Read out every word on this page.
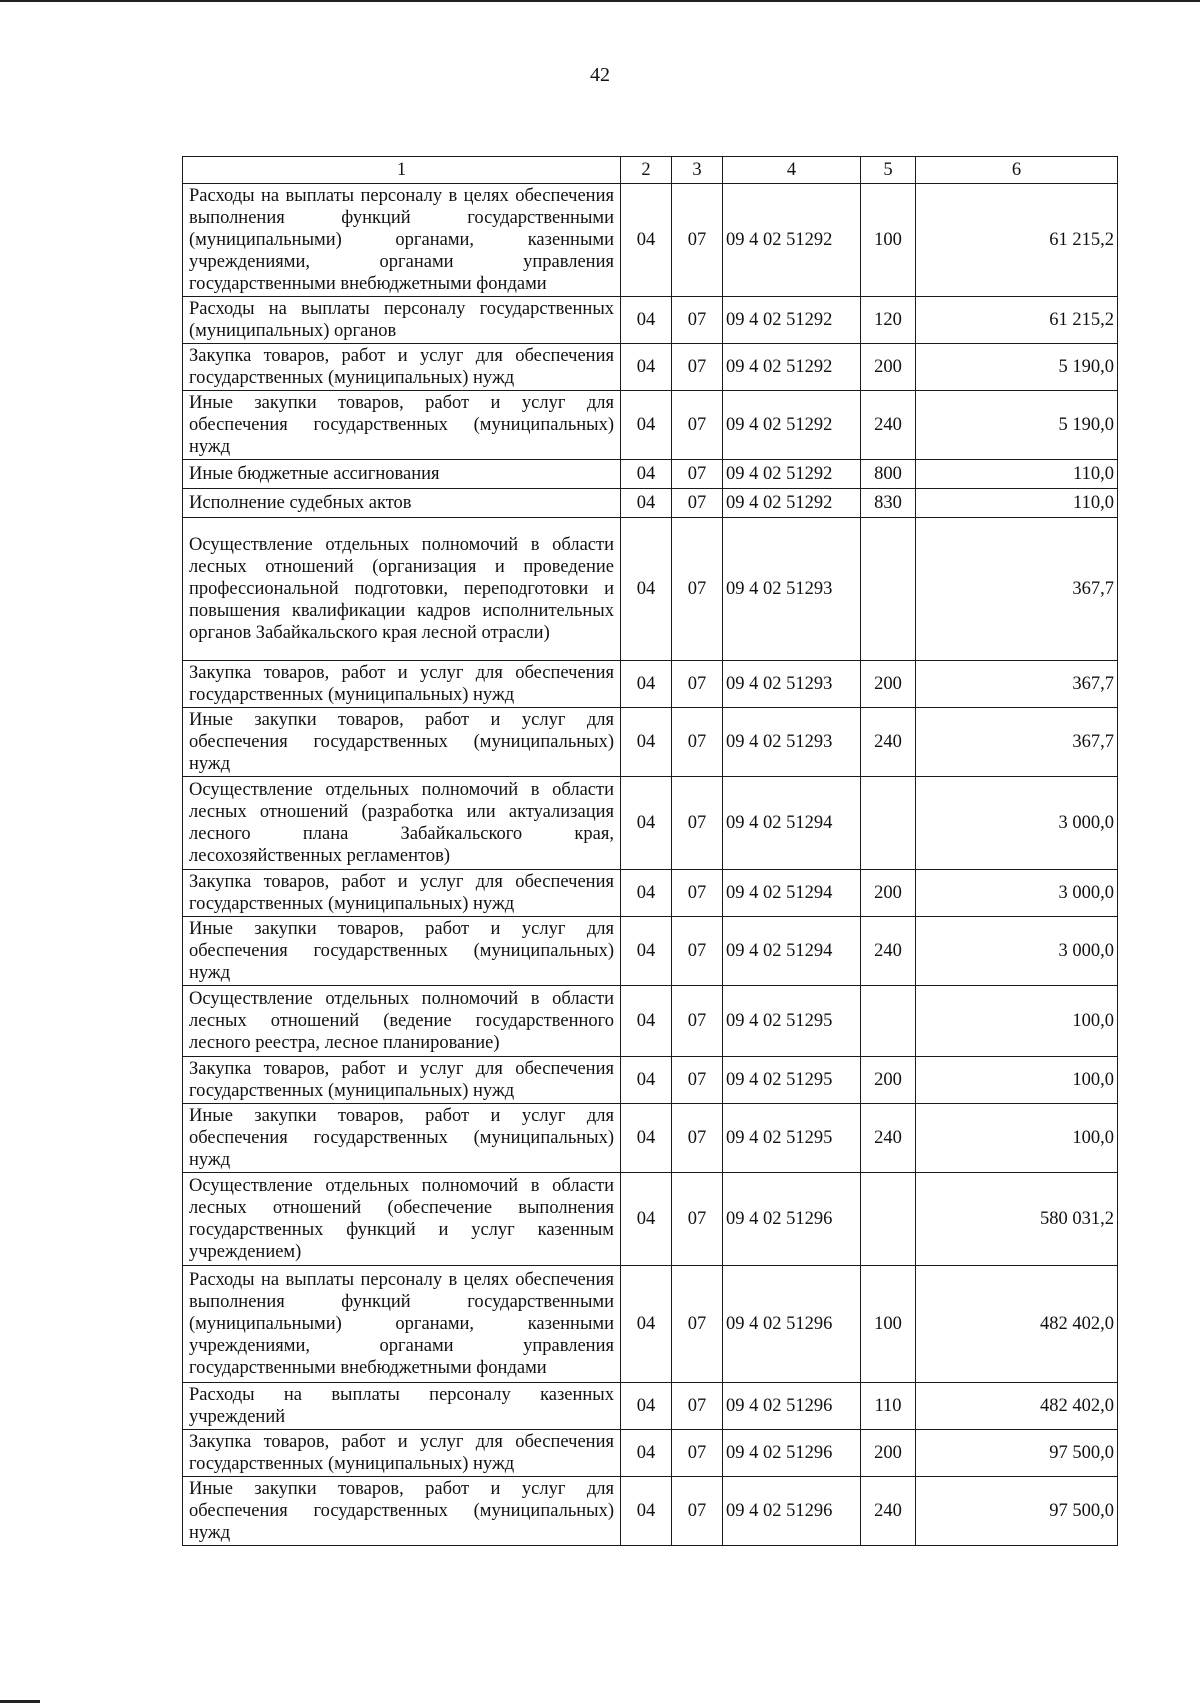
42
1	2	3	4	5	6
Расходы на выплаты персоналу в целях обеспечения выполнения функций государственными (муниципальными) органами, казенными учреждениями, органами управления государственными внебюджетными фондами	04	07	09 4 02 51292	100	61 215,2
Расходы на выплаты персоналу государственных (муниципальных) органов	04	07	09 4 02 51292	120	61 215,2
Закупка товаров, работ и услуг для обеспечения государственных (муниципальных) нужд	04	07	09 4 02 51292	200	5 190,0
Иные закупки товаров, работ и услуг для обеспечения государственных (муниципальных) нужд	04	07	09 4 02 51292	240	5 190,0
Иные бюджетные ассигнования	04	07	09 4 02 51292	800	110,0
Исполнение судебных актов	04	07	09 4 02 51292	830	110,0
Осуществление отдельных полномочий в области лесных отношений (организация и проведение профессиональной подготовки, переподготовки и повышения квалификации кадров исполнительных органов Забайкальского края лесной отрасли)	04	07	09 4 02 51293		367,7
Закупка товаров, работ и услуг для обеспечения государственных (муниципальных) нужд	04	07	09 4 02 51293	200	367,7
Иные закупки товаров, работ и услуг для обеспечения государственных (муниципальных) нужд	04	07	09 4 02 51293	240	367,7
Осуществление отдельных полномочий в области лесных отношений (разработка или актуализация лесного плана Забайкальского края, лесохозяйственных регламентов)	04	07	09 4 02 51294		3 000,0
Закупка товаров, работ и услуг для обеспечения государственных (муниципальных) нужд	04	07	09 4 02 51294	200	3 000,0
Иные закупки товаров, работ и услуг для обеспечения государственных (муниципальных) нужд	04	07	09 4 02 51294	240	3 000,0
Осуществление отдельных полномочий в области лесных отношений (ведение государственного лесного реестра, лесное планирование)	04	07	09 4 02 51295		100,0
Закупка товаров, работ и услуг для обеспечения государственных (муниципальных) нужд	04	07	09 4 02 51295	200	100,0
Иные закупки товаров, работ и услуг для обеспечения государственных (муниципальных) нужд	04	07	09 4 02 51295	240	100,0
Осуществление отдельных полномочий в области лесных отношений (обеспечение выполнения государственных функций и услуг казенным учреждением)	04	07	09 4 02 51296		580 031,2
Расходы на выплаты персоналу в целях обеспечения выполнения функций государственными (муниципальными) органами, казенными учреждениями, органами управления государственными внебюджетными фондами	04	07	09 4 02 51296	100	482 402,0
Расходы на выплаты персоналу казенных учреждений	04	07	09 4 02 51296	110	482 402,0
Закупка товаров, работ и услуг для обеспечения государственных (муниципальных) нужд	04	07	09 4 02 51296	200	97 500,0
Иные закупки товаров, работ и услуг для обеспечения государственных (муниципальных) нужд	04	07	09 4 02 51296	240	97 500,0
